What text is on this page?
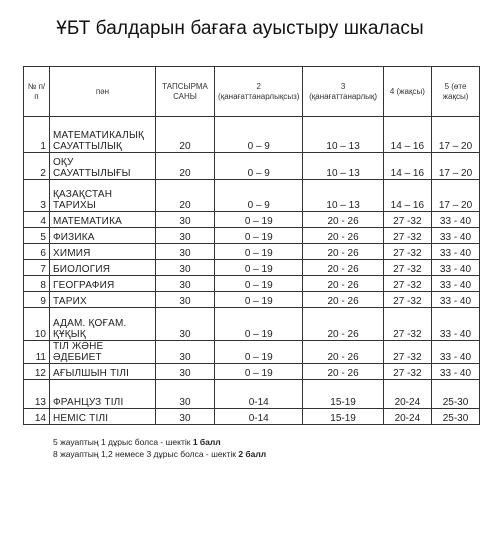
ҰБТ балдарын бағаға ауыстыру шкаласы
№ п/п	пән	ТАПСЫРМА САНЫ	2 (қанағаттанарлықсыз)	3 (қанағаттанарлық)	4 (жақсы)	5 (өте жақсы)
1	МАТЕМАТИКАЛЫҚ САУАТТЫЛЫҚ	20	0 – 9	10 – 13	14 – 16	17 – 20
2	ОҚУ САУАТТЫЛЫҒЫ	20	0 – 9	10 – 13	14 – 16	17 – 20
3	ҚАЗАҚСТАН ТАРИХЫ	20	0 – 9	10 – 13	14 – 16	17 – 20
4	МАТЕМАТИКА	30	0 – 19	20 - 26	27 -32	33 - 40
5	ФИЗИКА	30	0 – 19	20 - 26	27 -32	33 - 40
6	ХИМИЯ	30	0 – 19	20 - 26	27 -32	33 - 40
7	БИОЛОГИЯ	30	0 – 19	20 - 26	27 -32	33 - 40
8	ГЕОГРАФИЯ	30	0 – 19	20 - 26	27 -32	33 - 40
9	ТАРИХ	30	0 – 19	20 - 26	27 -32	33 - 40
10	АДАМ. ҚОҒАМ. ҚҰҚЫҚ	30	0 – 19	20 - 26	27 -32	33 - 40
11	ТІЛ ЖӘНЕ ӘДЕБИЕТ	30	0 – 19	20 - 26	27 -32	33 - 40
12	АҒЫЛШЫН ТІЛІ	30	0 – 19	20 - 26	27 -32	33 - 40
13	ФРАНЦУЗ ТІЛІ	30	0-14	15-19	20-24	25-30
14	НЕМІС ТІЛІ	30	0-14	15-19	20-24	25-30
5 жауаптың 1 дұрыс болса - шектік 1 балл
8 жауаптың 1,2 немесе 3 дұрыс болса - шектік 2 балл
